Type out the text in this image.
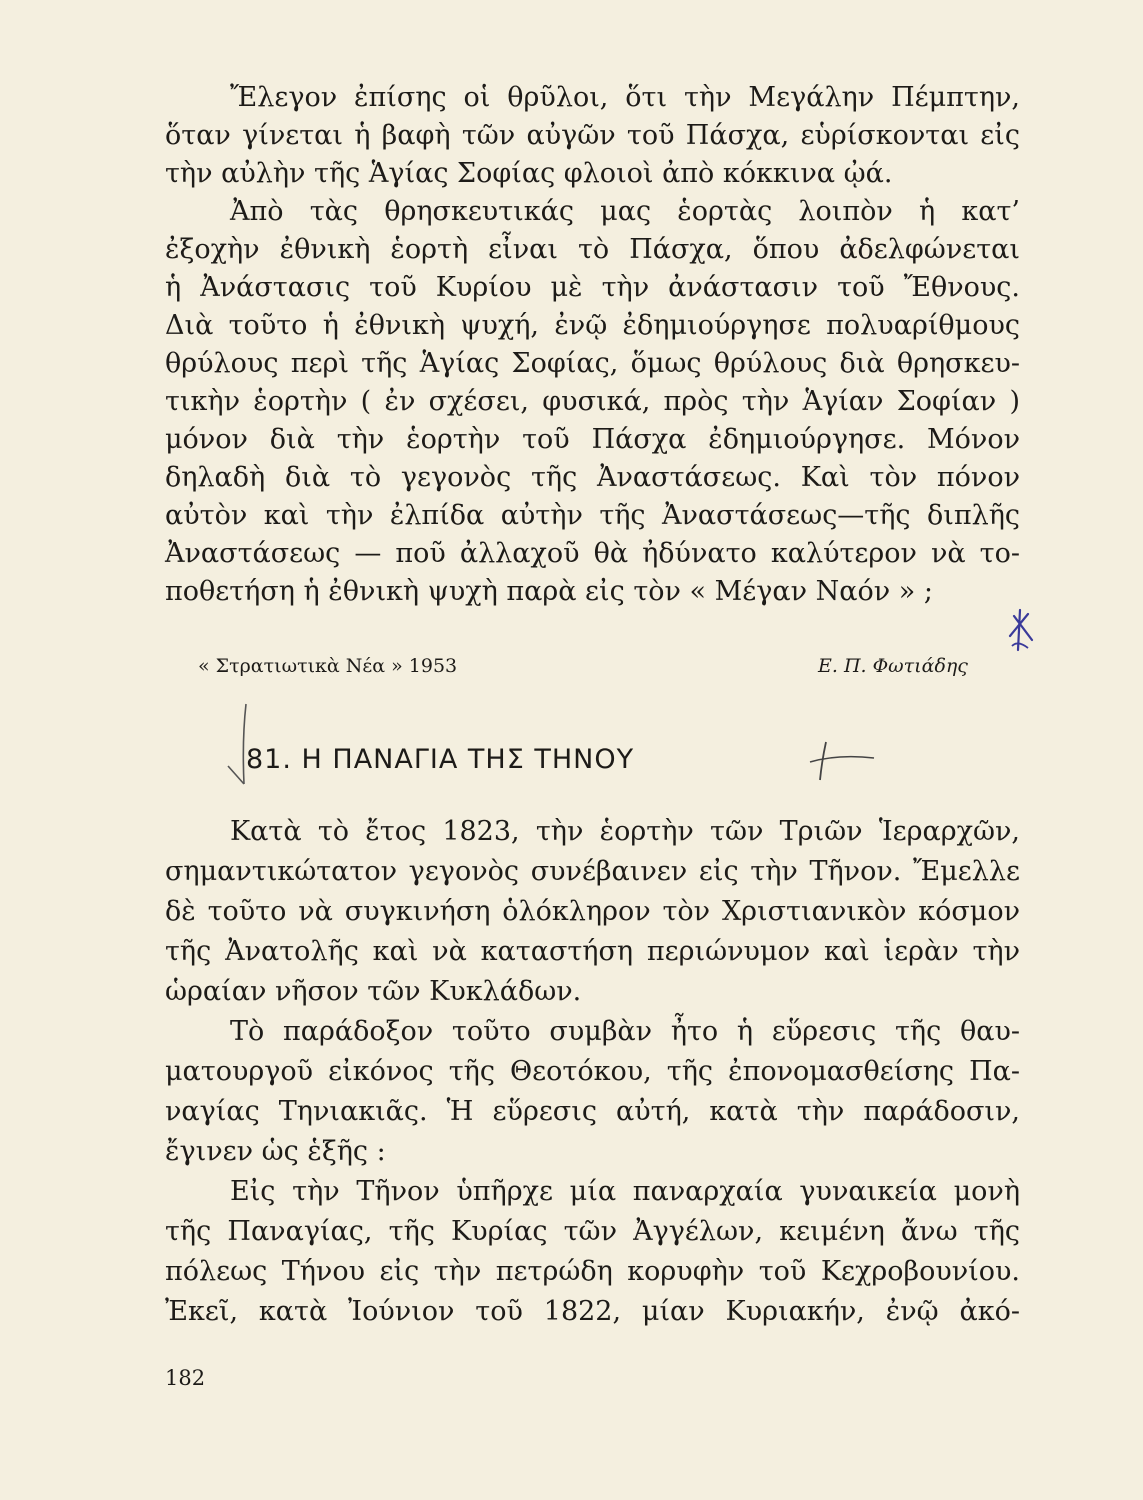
Ἔλεγον ἐπίσης οἱ θρῦλοι, ὅτι τὴν Μεγάλην Πέμπτην,
ὅταν γίνεται ἡ βαφὴ τῶν αὐγῶν τοῦ Πάσχα, εὑρίσκονται εἰς
τὴν αὐλὴν τῆς Ἁγίας Σοφίας φλοιοὶ ἀπὸ κόκκινα ᾠά.
Ἀπὸ τὰς θρησκευτικάς μας ἑορτὰς λοιπὸν ἡ κατ’
ἐξοχὴν ἐθνικὴ ἑορτὴ εἶναι τὸ Πάσχα, ὅπου ἀδελφώνεται
ἡ Ἀνάστασις τοῦ Κυρίου μὲ τὴν ἀνάστασιν τοῦ Ἔθνους.
Διὰ τοῦτο ἡ ἐθνικὴ ψυχή, ἐνῷ ἐδημιούργησε πολυαρίθμους
θρύλους περὶ τῆς Ἁγίας Σοφίας, ὅμως θρύλους διὰ θρησκευ-
τικὴν ἑορτὴν ( ἐν σχέσει, φυσικά, πρὸς τὴν Ἁγίαν Σοφίαν )
μόνον διὰ τὴν ἑορτὴν τοῦ Πάσχα ἐδημιούργησε. Μόνον
δηλαδὴ διὰ τὸ γεγονὸς τῆς Ἀναστάσεως. Καὶ τὸν πόνον
αὐτὸν καὶ τὴν ἐλπίδα αὐτὴν τῆς Ἀναστάσεως—τῆς διπλῆς
Ἀναστάσεως — ποῦ ἀλλαχοῦ θὰ ἠδύνατο καλύτερον νὰ το-
ποθετήση ἡ ἐθνικὴ ψυχὴ παρὰ εἰς τὸν « Μέγαν Ναόν » ;
« Στρατιωτικὰ Νέα » 1953	Ε. Π. Φωτιάδης
81. Η ΠΑΝΑΓΙΑ ΤΗΣ ΤΗΝΟΥ
Κατὰ τὸ ἔτος 1823, τὴν ἑορτὴν τῶν Τριῶν Ἱεραρχῶν,
σημαντικώτατον γεγονὸς συνέβαινεν εἰς τὴν Τῆνον. Ἔμελλε
δὲ τοῦτο νὰ συγκινήση ὁλόκληρον τὸν Χριστιανικὸν κόσμον
τῆς Ἀνατολῆς καὶ νὰ καταστήση περιώνυμον καὶ ἱερὰν τὴν
ὡραίαν νῆσον τῶν Κυκλάδων.
Τὸ παράδοξον τοῦτο συμβὰν ἦτο ἡ εὕρεσις τῆς θαυ-
ματουργοῦ εἰκόνος τῆς Θεοτόκου, τῆς ἐπονομασθείσης Πα-
ναγίας Τηνιακιᾶς. Ἡ εὕρεσις αὐτή, κατὰ τὴν παράδοσιν,
ἔγινεν ὡς ἑξῆς :
Εἰς τὴν Τῆνον ὑπῆρχε μία παναρχαία γυναικεία μονὴ
τῆς Παναγίας, τῆς Κυρίας τῶν Ἀγγέλων, κειμένη ἄνω τῆς
πόλεως Τήνου εἰς τὴν πετρώδη κορυφὴν τοῦ Κεχροβουνίου.
Ἐκεῖ, κατὰ Ἰούνιον τοῦ 1822, μίαν Κυριακήν, ἐνῷ ἀκό-
182
